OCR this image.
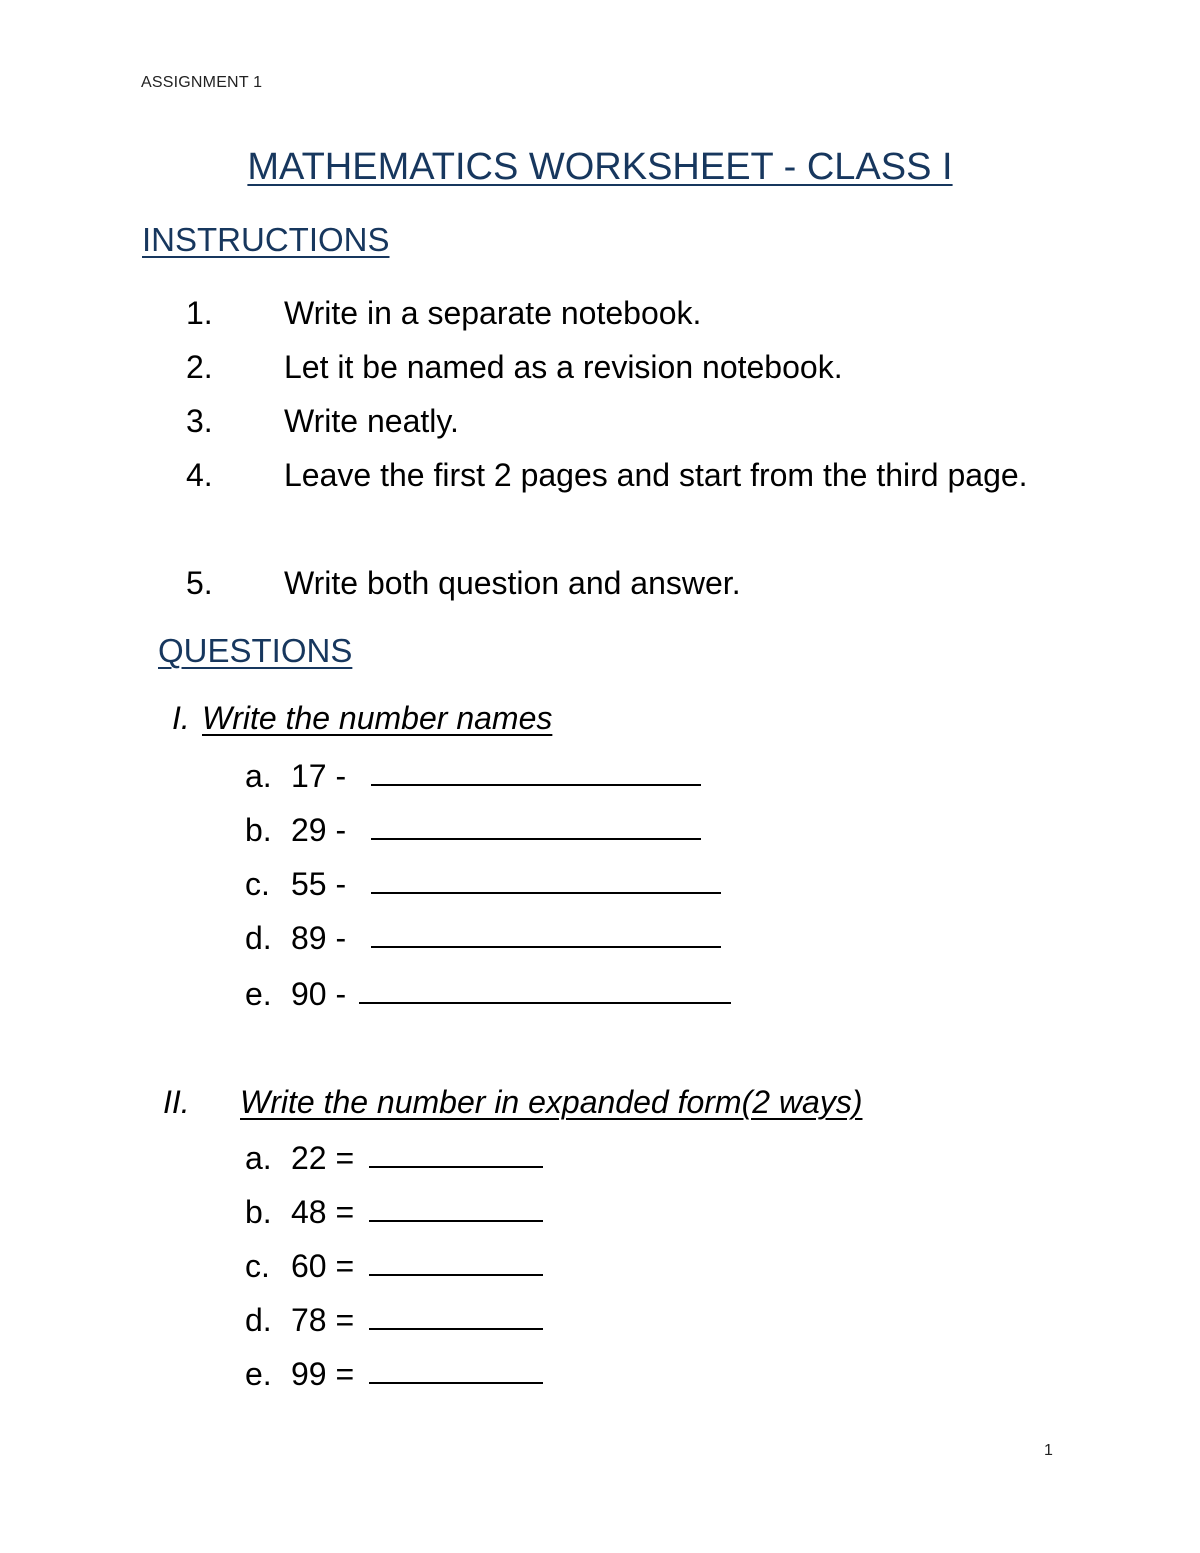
ASSIGNMENT 1
MATHEMATICS WORKSHEET - CLASS I
INSTRUCTIONS
1.	Write in a separate notebook.
2.	Let it be named as a revision notebook.
3.	Write neatly.
4.	Leave the first 2 pages and start from the third page.
5.	Write both question and answer.
QUESTIONS
I. Write the number names
a. 17 -
b. 29 -
c. 55 -
d. 89 -
e. 90 -
II. Write the number in expanded form(2 ways)
a. 22 =
b. 48 =
c. 60 =
d. 78 =
e. 99 =
1
